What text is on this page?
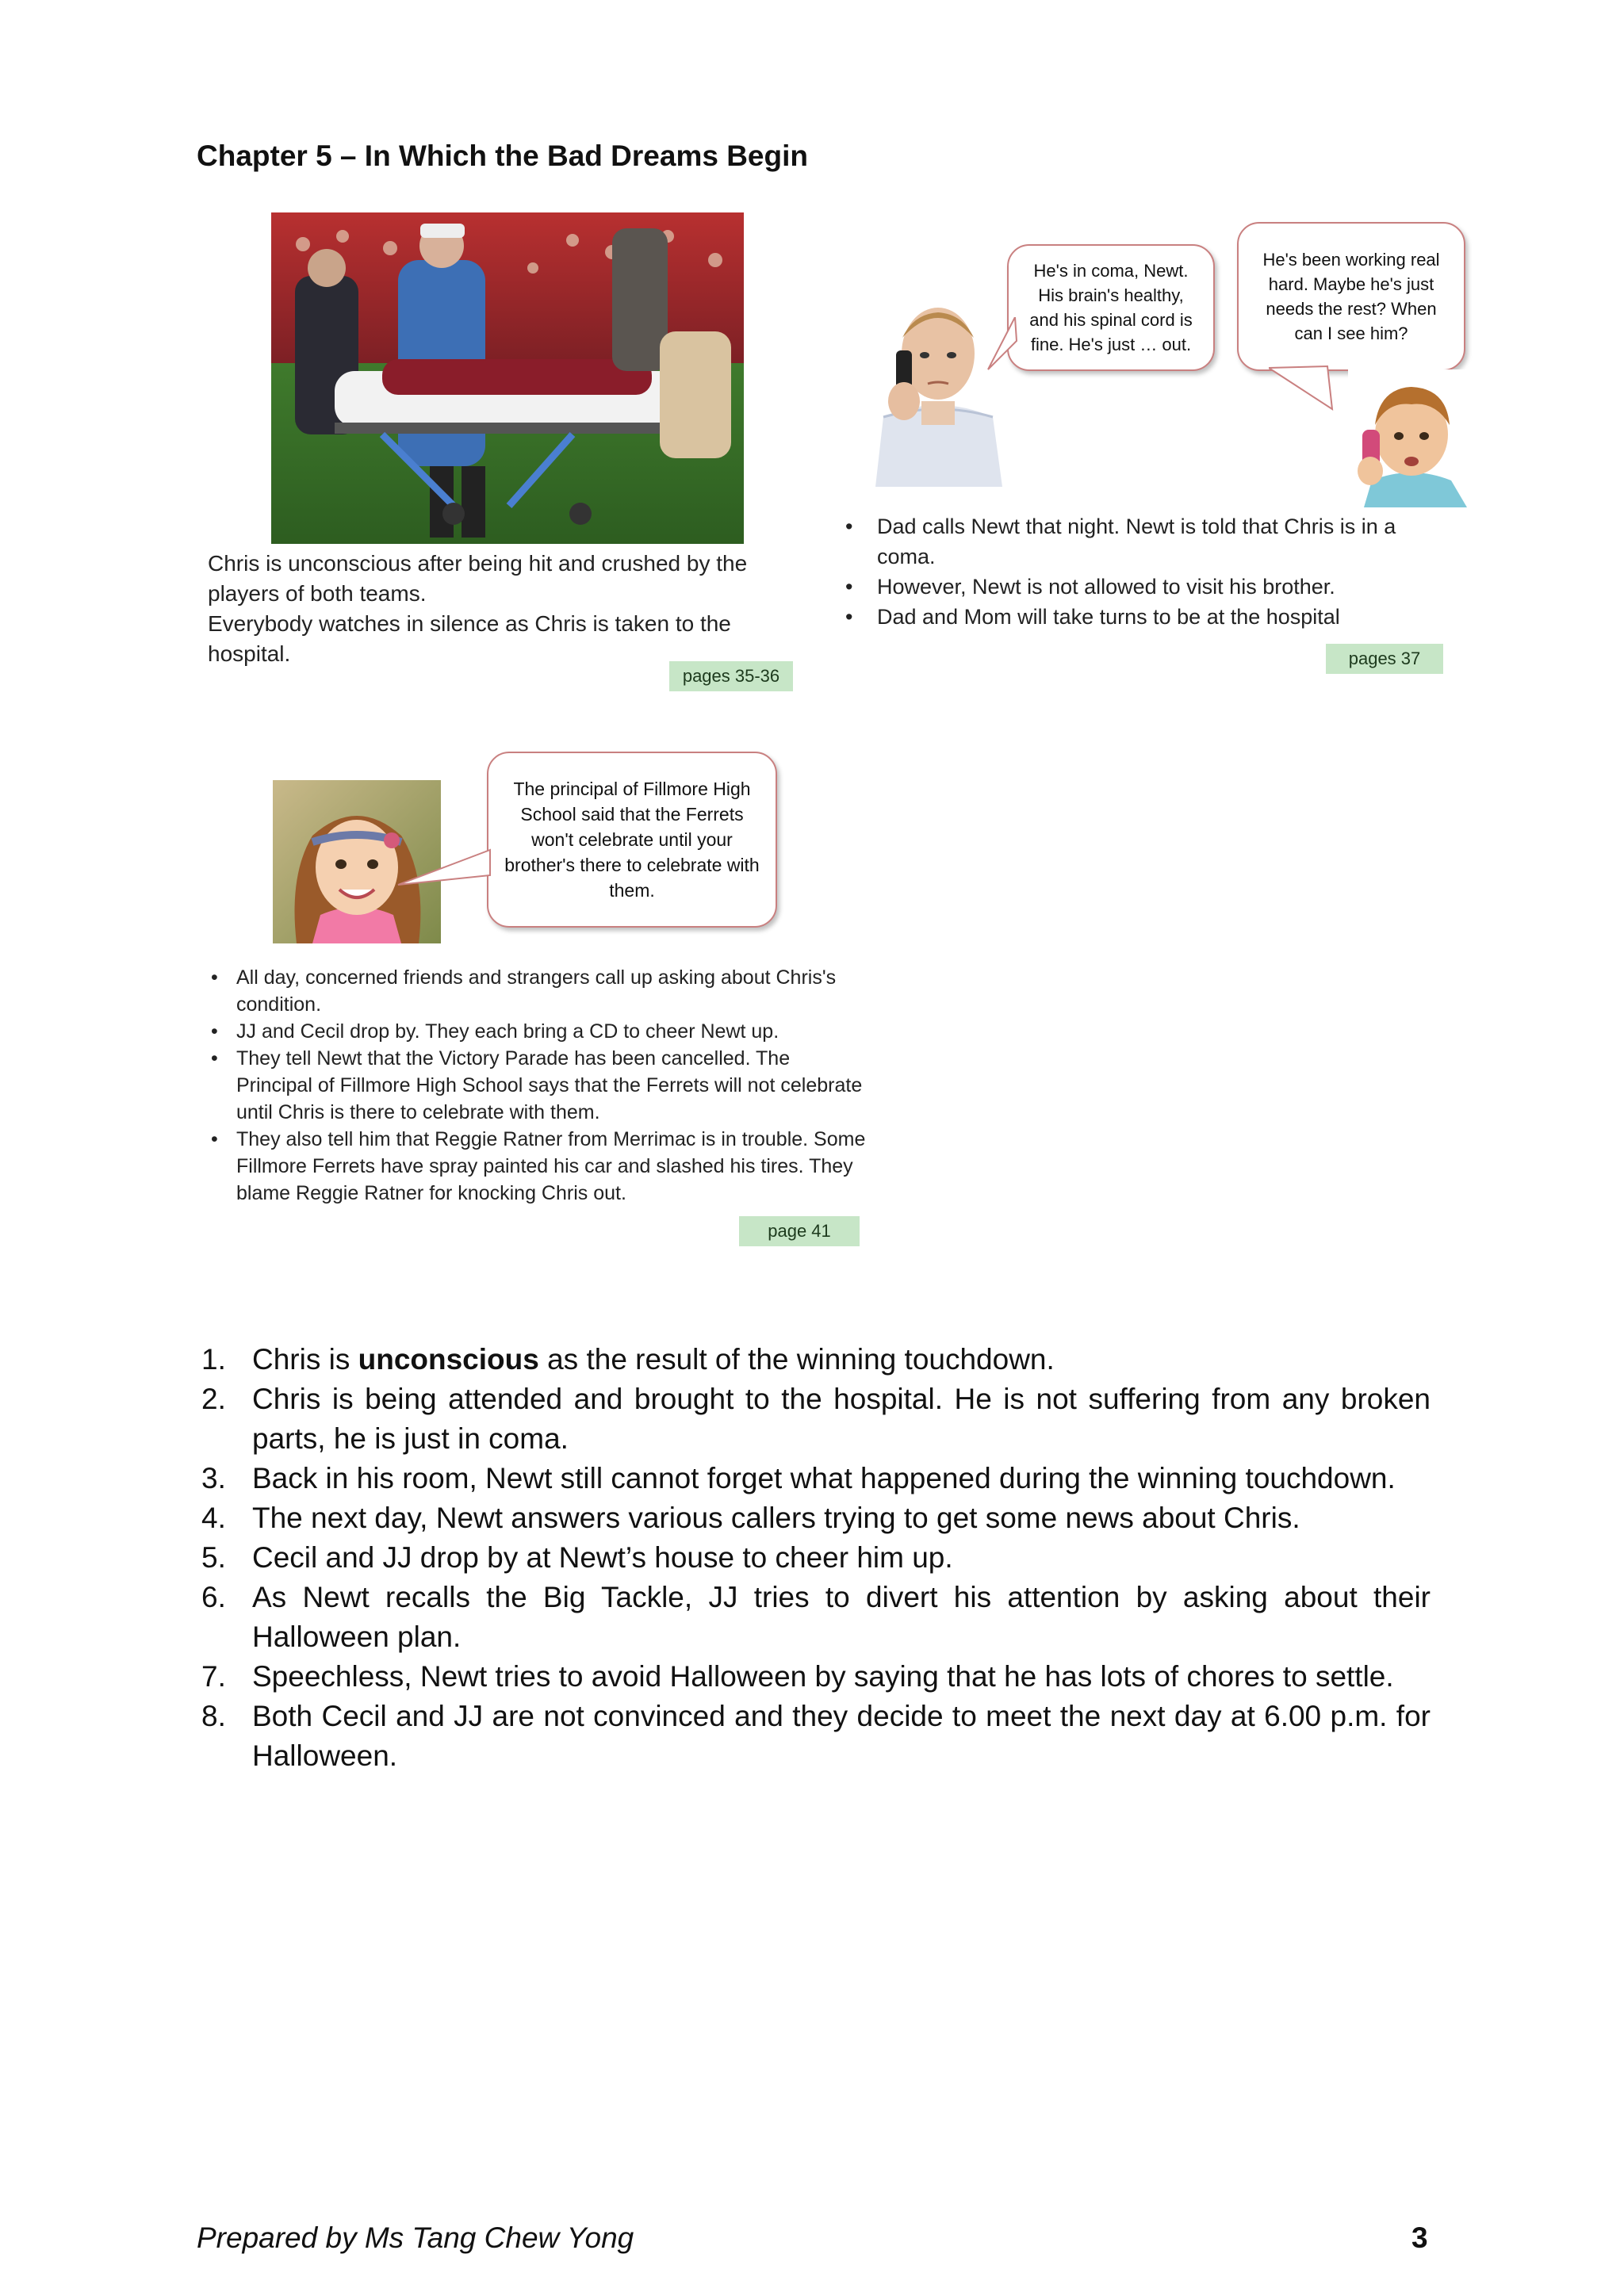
Chapter 5 – In Which the Bad Dreams Begin

Chris is unconscious after being hit and crushed by the

players of both teams.

Everybody watches in silence as Chris is taken to the

hospital.

pages 35-36
He's in coma, Newt. His brain's healthy, and his spinal cord is fine. He's just … out.
He's been working real hard. Maybe he's just needs the rest? When can I see him?
• Dad calls Newt that night. Newt is told that Chris is in a coma.
• However, Newt is not allowed to visit his brother.
• Dad and Mom will take turns to be at the hospital
pages 37
The principal of Fillmore High School said that the Ferrets won't celebrate until your brother's there to celebrate with them.
• All day, concerned friends and strangers call up asking about Chris's condition.
• JJ and Cecil drop by. They each bring a CD to cheer Newt up.
• They tell Newt that the Victory Parade has been cancelled. The Principal of Fillmore High School says that the Ferrets will not celebrate until Chris is there to celebrate with them.
• They also tell him that Reggie Ratner from Merrimac is in trouble. Some Fillmore Ferrets have spray painted his car and slashed his tires. They blame Reggie Ratner for knocking Chris out.
page 41
1. Chris is unconscious as the result of the winning touchdown.
2. Chris is being attended and brought to the hospital. He is not suffering from any broken parts, he is just in coma.
3. Back in his room, Newt still cannot forget what happened during the winning touchdown.
4. The next day, Newt answers various callers trying to get some news about Chris.
5. Cecil and JJ drop by at Newt’s house to cheer him up.
6. As Newt recalls the Big Tackle, JJ tries to divert his attention by asking about their Halloween plan.
7. Speechless, Newt tries to avoid Halloween by saying that he has lots of chores to settle.
8. Both Cecil and JJ are not convinced and they decide to meet the next day at 6.00 p.m. for Halloween.
Prepared by Ms Tang Chew Yong	3
